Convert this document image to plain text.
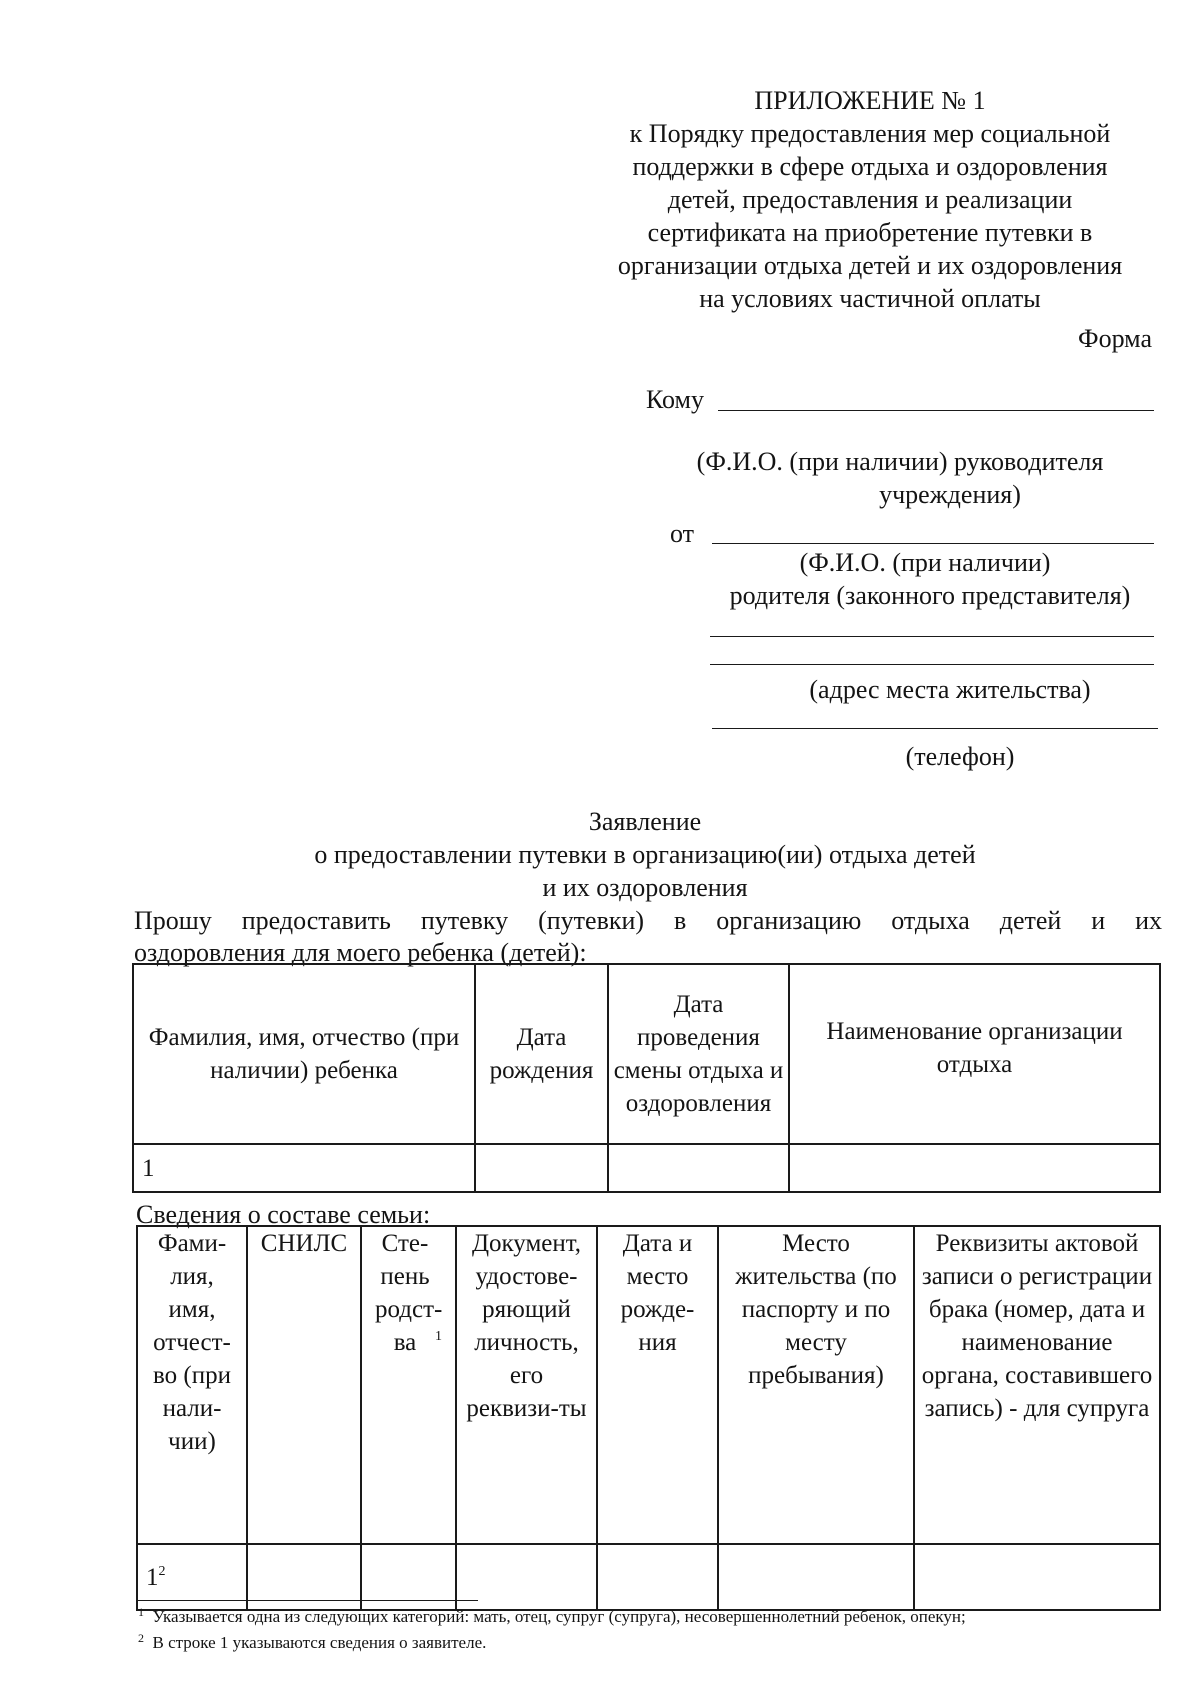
ПРИЛОЖЕНИЕ № 1
к Порядку предоставления мер социальной
поддержки в сфере отдыха и оздоровления
детей, предоставления и реализации
сертификата на приобретение путевки в
организации отдыха детей и их оздоровления
на условиях частичной оплаты
Форма
Кому
(Ф.И.О. (при наличии) руководителя
учреждения)
от
(Ф.И.О. (при наличии)
родителя (законного представителя)
(адрес места жительства)
(телефон)
Заявление
о предоставлении путевки в организацию(ии) отдыха детей
и их оздоровления
Прошу предоставить путевку (путевки) в организацию отдыха детей и их
оздоровления для моего ребенка (детей):
Фамилия, имя, отчество (при наличии) ребенка	Дата рождения	Дата проведения смены отдыха и оздоровления	Наименование организации отдыха
1			
Сведения о составе семьи:
Фами-лия, имя, отчест-во (при нали-чии)	СНИЛС	Сте-пень родст-ва $^1$	Документ, удостове-ряющий личность, его реквизи-ты	Дата и место рожде-ния	Место жительства (по паспорту и по месту пребывания)	Реквизиты актовой записи о регистрации брака (номер, дата и наименование органа, составившего запись) - для супруга

$1^2$						
$^1$ Указывается одна из следующих категорий: мать, отец, супруг (супруга), несовершеннолетний ребенок, опекун;
$^2$ В строке 1 указываются сведения о заявителе.
